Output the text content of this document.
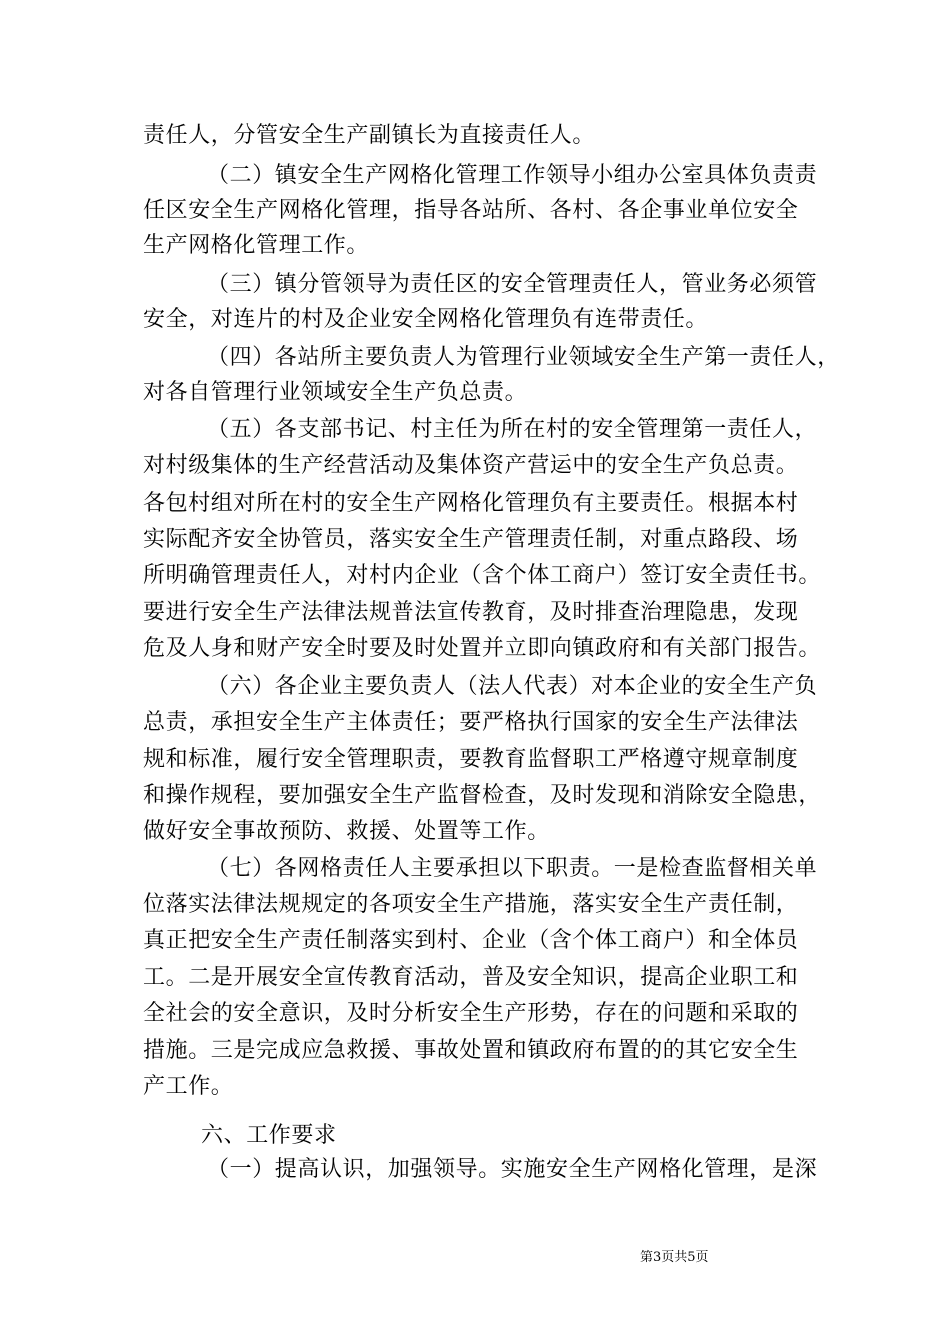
责任人，分管安全生产副镇长为直接责任人。
（二）镇安全生产网格化管理工作领导小组办公室具体负责责
任区安全生产网格化管理，指导各站所、各村、各企事业单位安全
生产网格化管理工作。
（三）镇分管领导为责任区的安全管理责任人，管业务必须管
安全，对连片的村及企业安全网格化管理负有连带责任。
（四）各站所主要负责人为管理行业领域安全生产第一责任人，
对各自管理行业领域安全生产负总责。
（五）各支部书记、村主任为所在村的安全管理第一责任人，
对村级集体的生产经营活动及集体资产营运中的安全生产负总责。
各包村组对所在村的安全生产网格化管理负有主要责任。根据本村
实际配齐安全协管员，落实安全生产管理责任制，对重点路段、场
所明确管理责任人，对村内企业（含个体工商户）签订安全责任书。
要进行安全生产法律法规普法宣传教育，及时排查治理隐患，发现
危及人身和财产安全时要及时处置并立即向镇政府和有关部门报告。
（六）各企业主要负责人（法人代表）对本企业的安全生产负
总责，承担安全生产主体责任；要严格执行国家的安全生产法律法
规和标准，履行安全管理职责，要教育监督职工严格遵守规章制度
和操作规程，要加强安全生产监督检查，及时发现和消除安全隐患，
做好安全事故预防、救援、处置等工作。
（七）各网格责任人主要承担以下职责。一是检查监督相关单
位落实法律法规规定的各项安全生产措施，落实安全生产责任制，
真正把安全生产责任制落实到村、企业（含个体工商户）和全体员
工。二是开展安全宣传教育活动，普及安全知识，提高企业职工和
全社会的安全意识，及时分析安全生产形势，存在的问题和采取的
措施。三是完成应急救援、事故处置和镇政府布置的的其它安全生
产工作。
六、工作要求
（一）提高认识，加强领导。实施安全生产网格化管理，是深
第3页共5页
